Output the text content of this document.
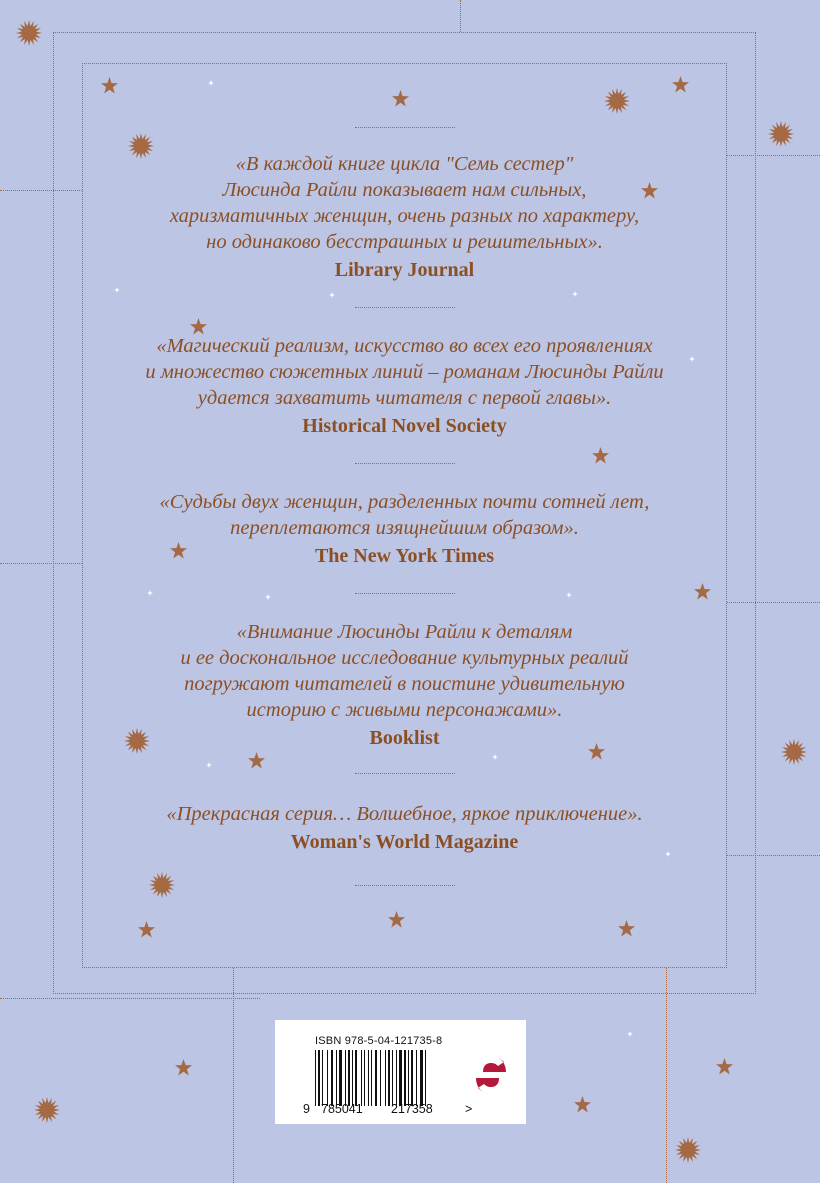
«В каждой книге цикла "Семь сестер"
Люсинда Райли показывает нам сильных,
харизматичных женщин, очень разных по характеру,
но одинаково бесстрашных и решительных».

Library Journal

«Магический реализм, искусство во всех его проявлениях
и множество сюжетных линий – романам Люсинды Райли
удается захватить читателя с первой главы».

Historical Novel Society

«Судьбы двух женщин, разделенных почти сотней лет,
переплетаются изящнейшим образом».

The New York Times

«Внимание Люсинды Райли к деталям
и ее доскональное исследование культурных реалий
погружают читателей в поистине удивительную
историю с живыми персонажами».

Booklist

«Прекрасная серия… Волшебное, яркое приключение».

Woman's World Magazine

ISBN 978-5-04-121735-8
9 785041 217358	>
